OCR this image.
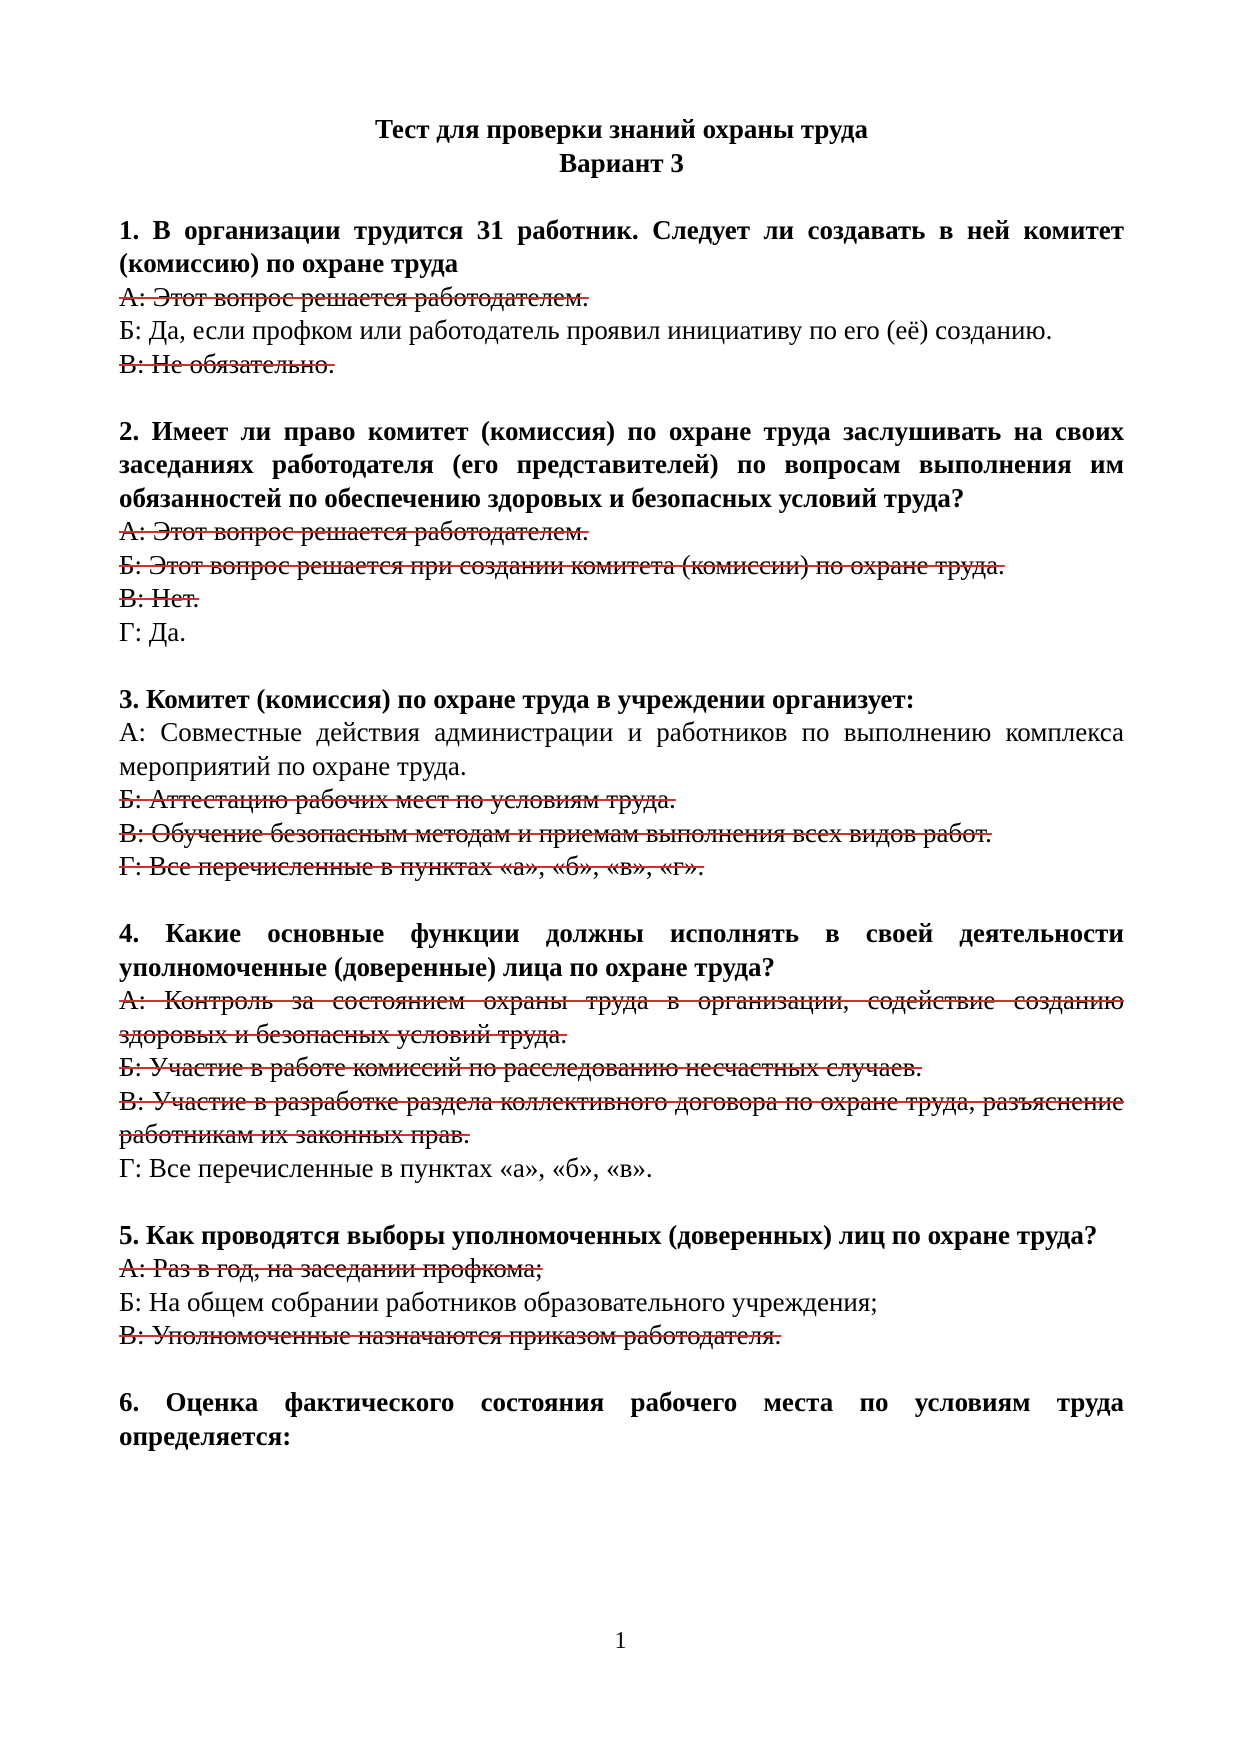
Тест для проверки знаний охраны труда

Вариант 3

1. В организации трудится 31 работник. Следует ли создавать в ней комитет (комиссию) по охране труда

А: Этот вопрос решается работодателем.

Б: Да, если профком или работодатель проявил инициативу по его (её) созданию.

В: Не обязательно.

2. Имеет ли право комитет (комиссия) по охране труда заслушивать на своих заседаниях работодателя (его представителей) по вопросам выполнения им обязанностей по обеспечению здоровых и безопасных условий труда?

А: Этот вопрос решается работодателем.

Б: Этот вопрос решается при создании комитета (комиссии) по охране труда.

В: Нет.

Г: Да.

3. Комитет (комиссия) по охране труда в учреждении организует:

А: Совместные действия администрации и работников по выполнению комплекса мероприятий по охране труда.

Б: Аттестацию рабочих мест по условиям труда.

В: Обучение безопасным методам и приемам выполнения всех видов работ.

Г: Все перечисленные в пунктах «а», «б», «в», «г».

4. Какие основные функции должны исполнять в своей деятельности уполномоченные (доверенные) лица по охране труда?

А: Контроль за состоянием охраны труда в организации, содействие созданию здоровых и безопасных условий труда.

Б: Участие в работе комиссий по расследованию несчастных случаев.

В: Участие в разработке раздела коллективного договора по охране труда, разъяснение работникам их законных прав.

Г: Все перечисленные в пунктах «а», «б», «в».

5. Как проводятся выборы уполномоченных (доверенных) лиц по охране труда?

А: Раз в год, на заседании профкома;

Б: На общем собрании работников образовательного учреждения;

В: Уполномоченные назначаются приказом работодателя.

6. Оценка фактического состояния рабочего места по условиям труда определяется:

1
